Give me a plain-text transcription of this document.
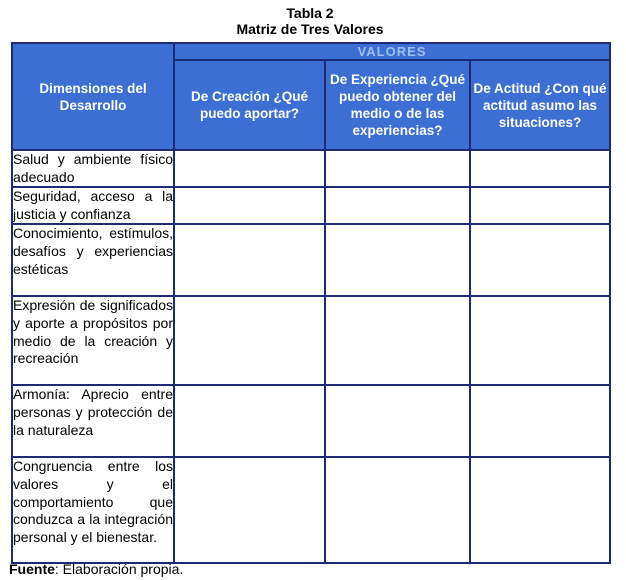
Tabla 2
Matriz de Tres Valores
Dimensiones del Desarrollo	VALORES		
	De Creación ¿Qué puedo aportar?	De Experiencia ¿Qué puedo obtener del medio o de las experiencias?	De Actitud ¿Con qué actitud asumo las situaciones?
Salud y ambiente físico adecuado			
Seguridad, acceso a la justicia y confianza			
Conocimiento, estímulos, desafíos y experiencias estéticas			
Expresión de significados y aporte a propósitos por medio de la creación y recreación			
Armonía: Aprecio entre personas y protección de la naturaleza			
Congruencia entre los valores y el comportamiento que conduzca a la integración personal y el bienestar.			
Fuente: Elaboración propia.
